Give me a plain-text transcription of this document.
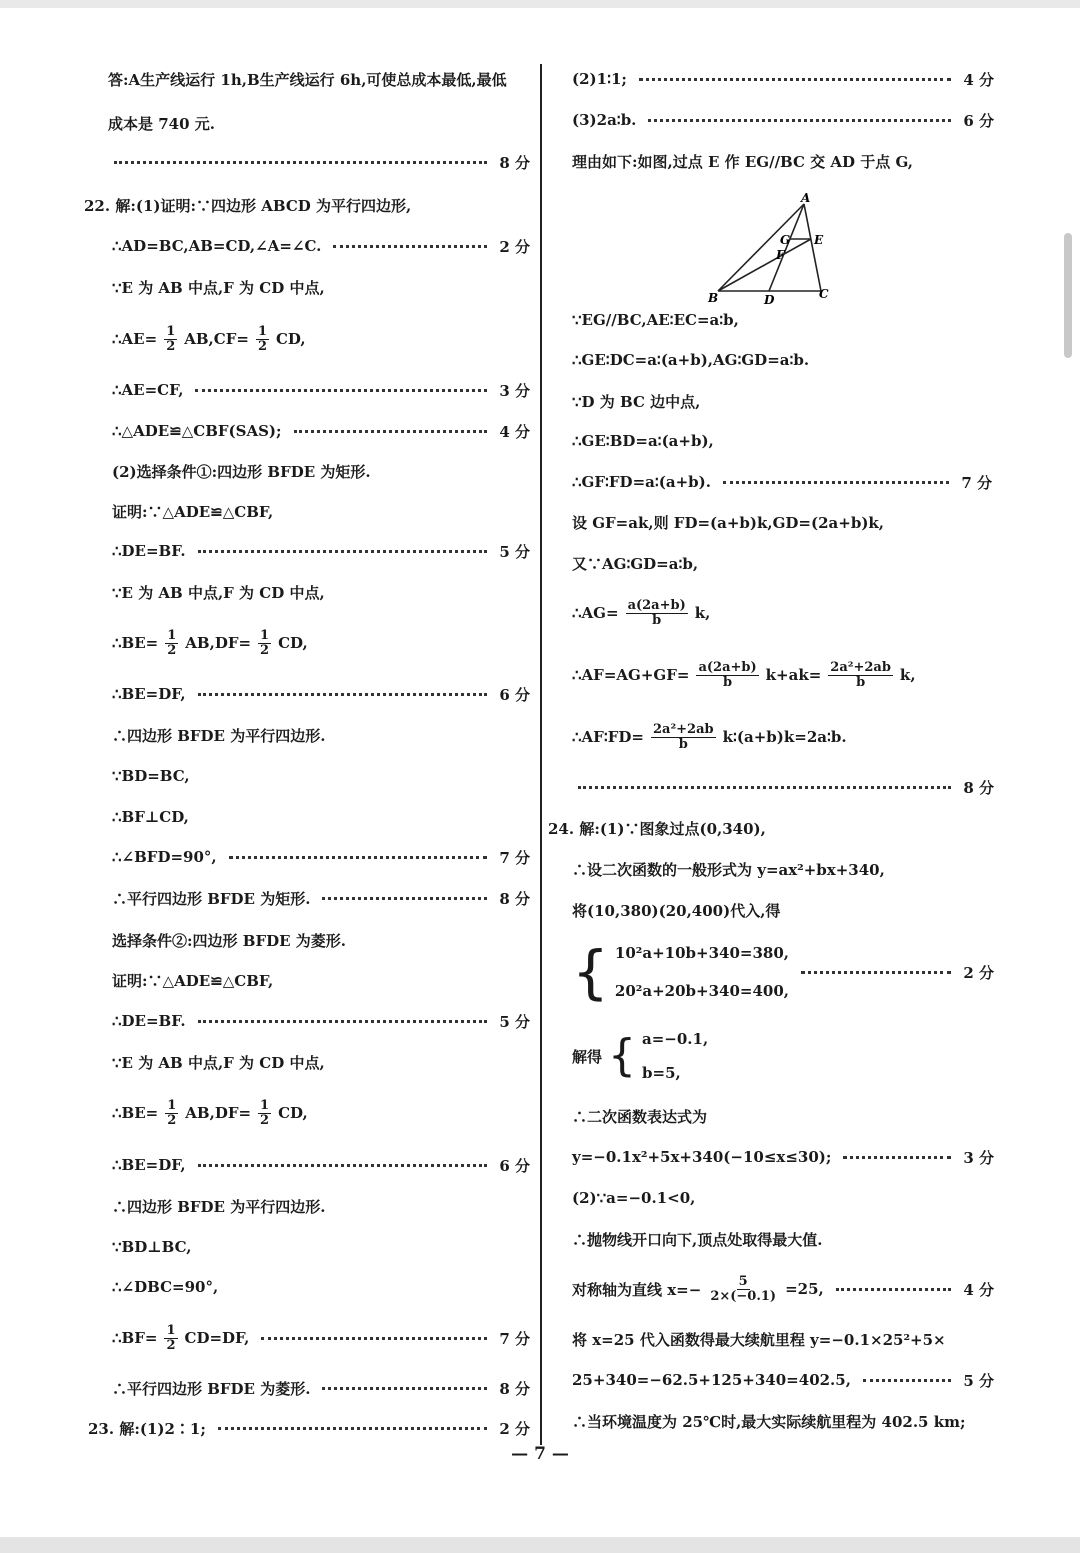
答:A生产线运行 1h,B生产线运行 6h,可使总成本最低,最低
成本是 740 元.
8 分
22. 解:(1)证明:∵四边形 ABCD 为平行四边形,
∴AD=BC,AB=CD,∠A=∠C.	2 分
∵E 为 AB 中点,F 为 CD 中点,
∴AE= $\frac{1}{2} AB,CF= \frac{1}{2}$ CD,
∴AE=CF,	3 分
∴△ADE≌△CBF(SAS);	4 分
(2)选择条件①:四边形 BFDE 为矩形.
证明:∵△ADE≌△CBF,
∴DE=BF.	5 分
∵E 为 AB 中点,F 为 CD 中点,
∴BE= $\frac{1}{2} AB,DF= \frac{1}{2}$ CD,
∴BE=DF,	6 分
∴四边形 BFDE 为平行四边形.
∵BD=BC,
∴BF⊥CD,
∴∠BFD=90°,	7 分
∴平行四边形 BFDE 为矩形.	8 分
选择条件②:四边形 BFDE 为菱形.
证明:∵△ADE≌△CBF,
∴DE=BF.	5 分
∵E 为 AB 中点,F 为 CD 中点,
∴BE= $\frac{1}{2} AB,DF= \frac{1}{2}$ CD,
∴BE=DF,	6 分
∴四边形 BFDE 为平行四边形.
∵BD⊥BC,
∴∠DBC=90°,
∴BF= $\frac{1}{2} CD=DF$,	7 分
∴平行四边形 BFDE 为菱形.	8 分
23. 解:(1)2∶1;	2 分
(2)1∶1;	4 分
(3)2a∶b.	6 分
理由如下:如图,过点 E 作 EG//BC 交 AD 于点 G,
A
B	C
D
E
F
G
∵EG//BC,AE∶EC=a∶b,
∴GE∶DC=a∶(a+b),AG∶GD=a∶b.
∵D 为 BC 边中点,
∴GE∶BD=a∶(a+b),
∴GF∶FD=a∶(a+b).	7 分
设 GF=ak,则 FD=(a+b)k,GD=(2a+b)k,
又∵AG∶GD=a∶b,
∴AG= $\frac{a(2a+b)}{b} k$,
∴AF=AG+GF= $\frac{a(2a+b)}{b} k+ak= \frac{\text{2a²+2ab}}{b} k$,
∴AF∶FD= $\frac{\text{2a²+2ab}}{b}$ k∶(a+b)k=2a∶b.
8 分
24. 解:(1)∵图象过点(0,340),
∴设二次函数的一般形式为 y=ax²+bx+340,
将(10,380)(20,400)代入,得
{ 10²a+10b+340=380,
20²a+20b+340=400,
2 分
解得 { a=−0.1,
b=5,
∴二次函数表达式为
y=−0.1x²+5x+340(−10≤x≤30);	3 分
(2)∵a=−0.1<0,
∴抛物线开口向下,顶点处取得最大值.
对称轴为直线 $x=- \frac{5}{2\times(-0.1)} =25$,	4 分
将 x=25 代入函数得最大续航里程 y=−0.1×25²+5×
25+340=−62.5+125+340=402.5,	5 分
∴当环境温度为 25℃时,最大实际续航里程为 402.5 km;
— 7 —
